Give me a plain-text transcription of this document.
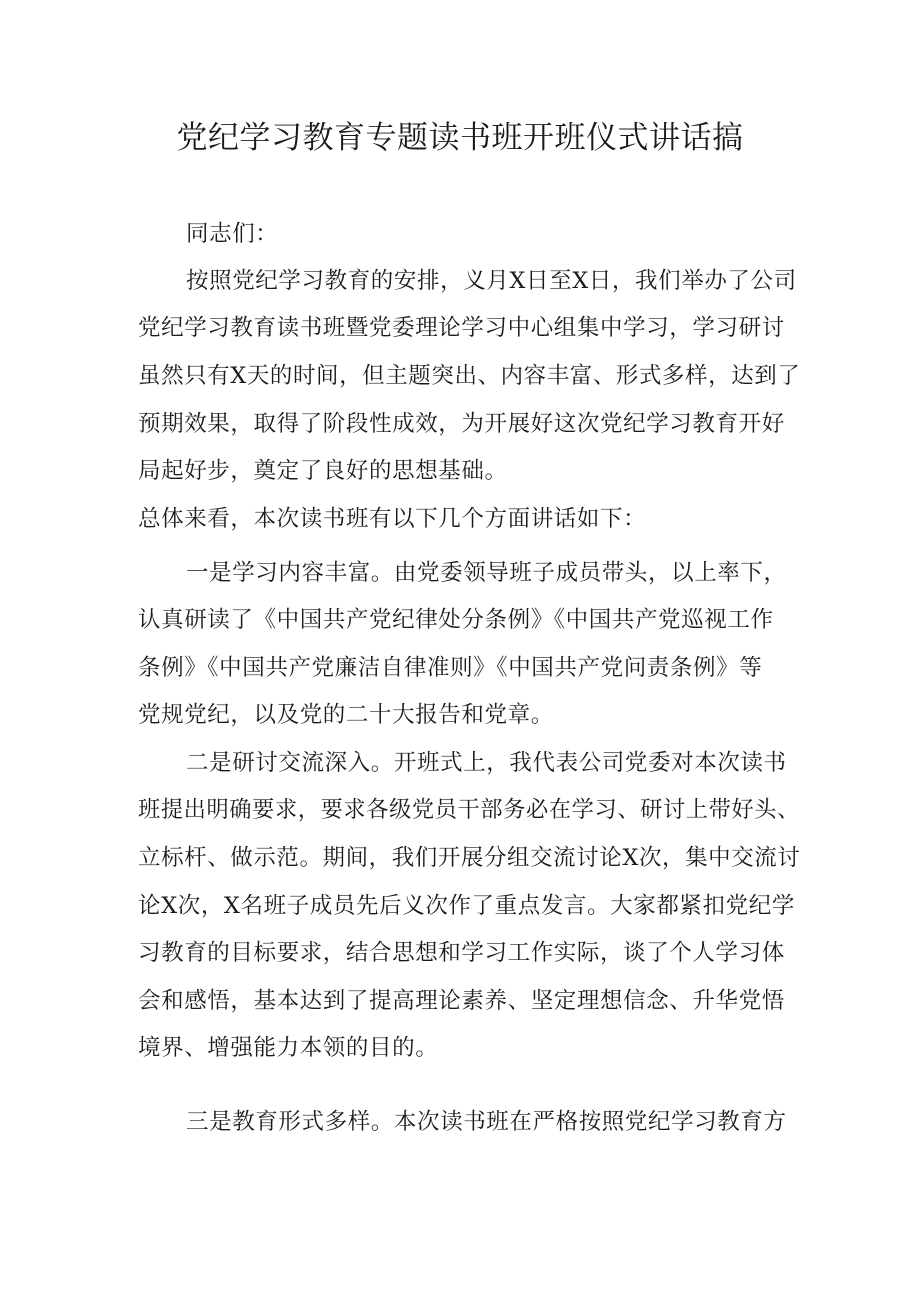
党纪学习教育专题读书班开班仪式讲话搞
同志们：
按照党纪学习教育的安排，义月X日至X日，我们举办了公司
党纪学习教育读书班暨党委理论学习中心组集中学习，学习研讨
虽然只有X天的时间，但主题突出、内容丰富、形式多样，达到了
预期效果，取得了阶段性成效，为开展好这次党纪学习教育开好
局起好步，奠定了良好的思想基础。
总体来看，本次读书班有以下几个方面讲话如下：
一是学习内容丰富。由党委领导班子成员带头，以上率下，
认真研读了《中国共产党纪律处分条例》《中国共产党巡视工作
条例》《中国共产党廉洁自律准则》《中国共产党问责条例》等
党规党纪，以及党的二十大报告和党章。
二是研讨交流深入。开班式上，我代表公司党委对本次读书
班提出明确要求，要求各级党员干部务必在学习、研讨上带好头、
立标杆、做示范。期间，我们开展分组交流讨论X次，集中交流讨
论X次，X名班子成员先后义次作了重点发言。大家都紧扣党纪学
习教育的目标要求，结合思想和学习工作实际，谈了个人学习体
会和感悟，基本达到了提高理论素养、坚定理想信念、升华党悟
境界、增强能力本领的目的。
三是教育形式多样。本次读书班在严格按照党纪学习教育方
